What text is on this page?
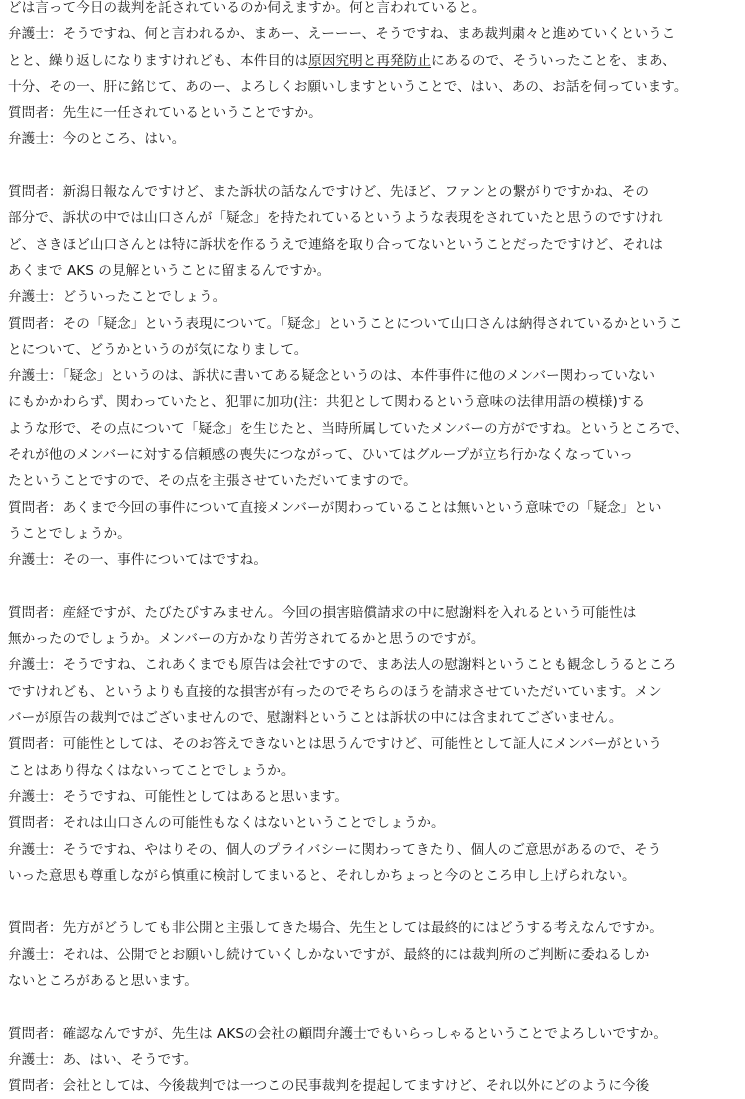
どは言って今日の裁判を託されているのか伺えますか。何と言われていると。
弁護士：そうですね、何と言われるか、まあー、えーーー、そうですね、まあ裁判粛々と進めていくというこ
とと、繰り返しになりますけれども、本件目的は原因究明と再発防止にあるので、そういったことを、まあ、
十分、その一、肝に銘じて、あのー、よろしくお願いしますということで、はい、あの、お話を伺っています。
質問者：先生に一任されているということですか。
弁護士：今のところ、はい。
質問者：新潟日報なんですけど、また訴状の話なんですけど、先ほど、ファンとの繋がりですかね、その
部分で、訴状の中では山口さんが「疑念」を持たれているというような表現をされていたと思うのですけれ
ど、さきほど山口さんとは特に訴状を作るうえで連絡を取り合ってないということだったですけど、それは
あくまで AKS の見解ということに留まるんですか。
弁護士：どういったことでしょう。
質問者：その「疑念」という表現について。「疑念」ということについて山口さんは納得されているかというこ
とについて、どうかというのが気になりまして。
弁護士：「疑念」というのは、訴状に書いてある疑念というのは、本件事件に他のメンバー関わっていない
にもかかわらず、関わっていたと、犯罪に加功(注：共犯として関わるという意味の法律用語の模様)する
ような形で、その点について「疑念」を生じたと、当時所属していたメンバーの方がですね。というところで、
それが他のメンバーに対する信頼感の喪失につながって、ひいてはグループが立ち行かなくなっていっ
たということですので、その点を主張させていただいてますので。
質問者：あくまで今回の事件について直接メンバーが関わっていることは無いという意味での「疑念」とい
うことでしょうか。
弁護士：その一、事件についてはですね。
質問者：産経ですが、たびたびすみません。今回の損害賠償請求の中に慰謝料を入れるという可能性は
無かったのでしょうか。メンバーの方かなり苦労されてるかと思うのですが。
弁護士：そうですね、これあくまでも原告は会社ですので、まあ法人の慰謝料ということも観念しうるところ
ですけれども、というよりも直接的な損害が有ったのでそちらのほうを請求させていただいています。メン
バーが原告の裁判ではございませんので、慰謝料ということは訴状の中には含まれてございません。
質問者：可能性としては、そのお答えできないとは思うんですけど、可能性として証人にメンバーがという
ことはあり得なくはないってことでしょうか。
弁護士：そうですね、可能性としてはあると思います。
質問者：それは山口さんの可能性もなくはないということでしょうか。
弁護士：そうですね、やはりその、個人のプライバシーに関わってきたり、個人のご意思があるので、そう
いった意思も尊重しながら慎重に検討してまいると、それしかちょっと今のところ申し上げられない。
質問者：先方がどうしても非公開と主張してきた場合、先生としては最終的にはどうする考えなんですか。
弁護士：それは、公開でとお願いし続けていくしかないですが、最終的には裁判所のご判断に委ねるしか
ないところがあると思います。
質問者：確認なんですが、先生は AKSの会社の顧問弁護士でもいらっしゃるということでよろしいですか。
弁護士：あ、はい、そうです。
質問者：会社としては、今後裁判では一つこの民事裁判を提起してますけど、それ以外にどのように今後
